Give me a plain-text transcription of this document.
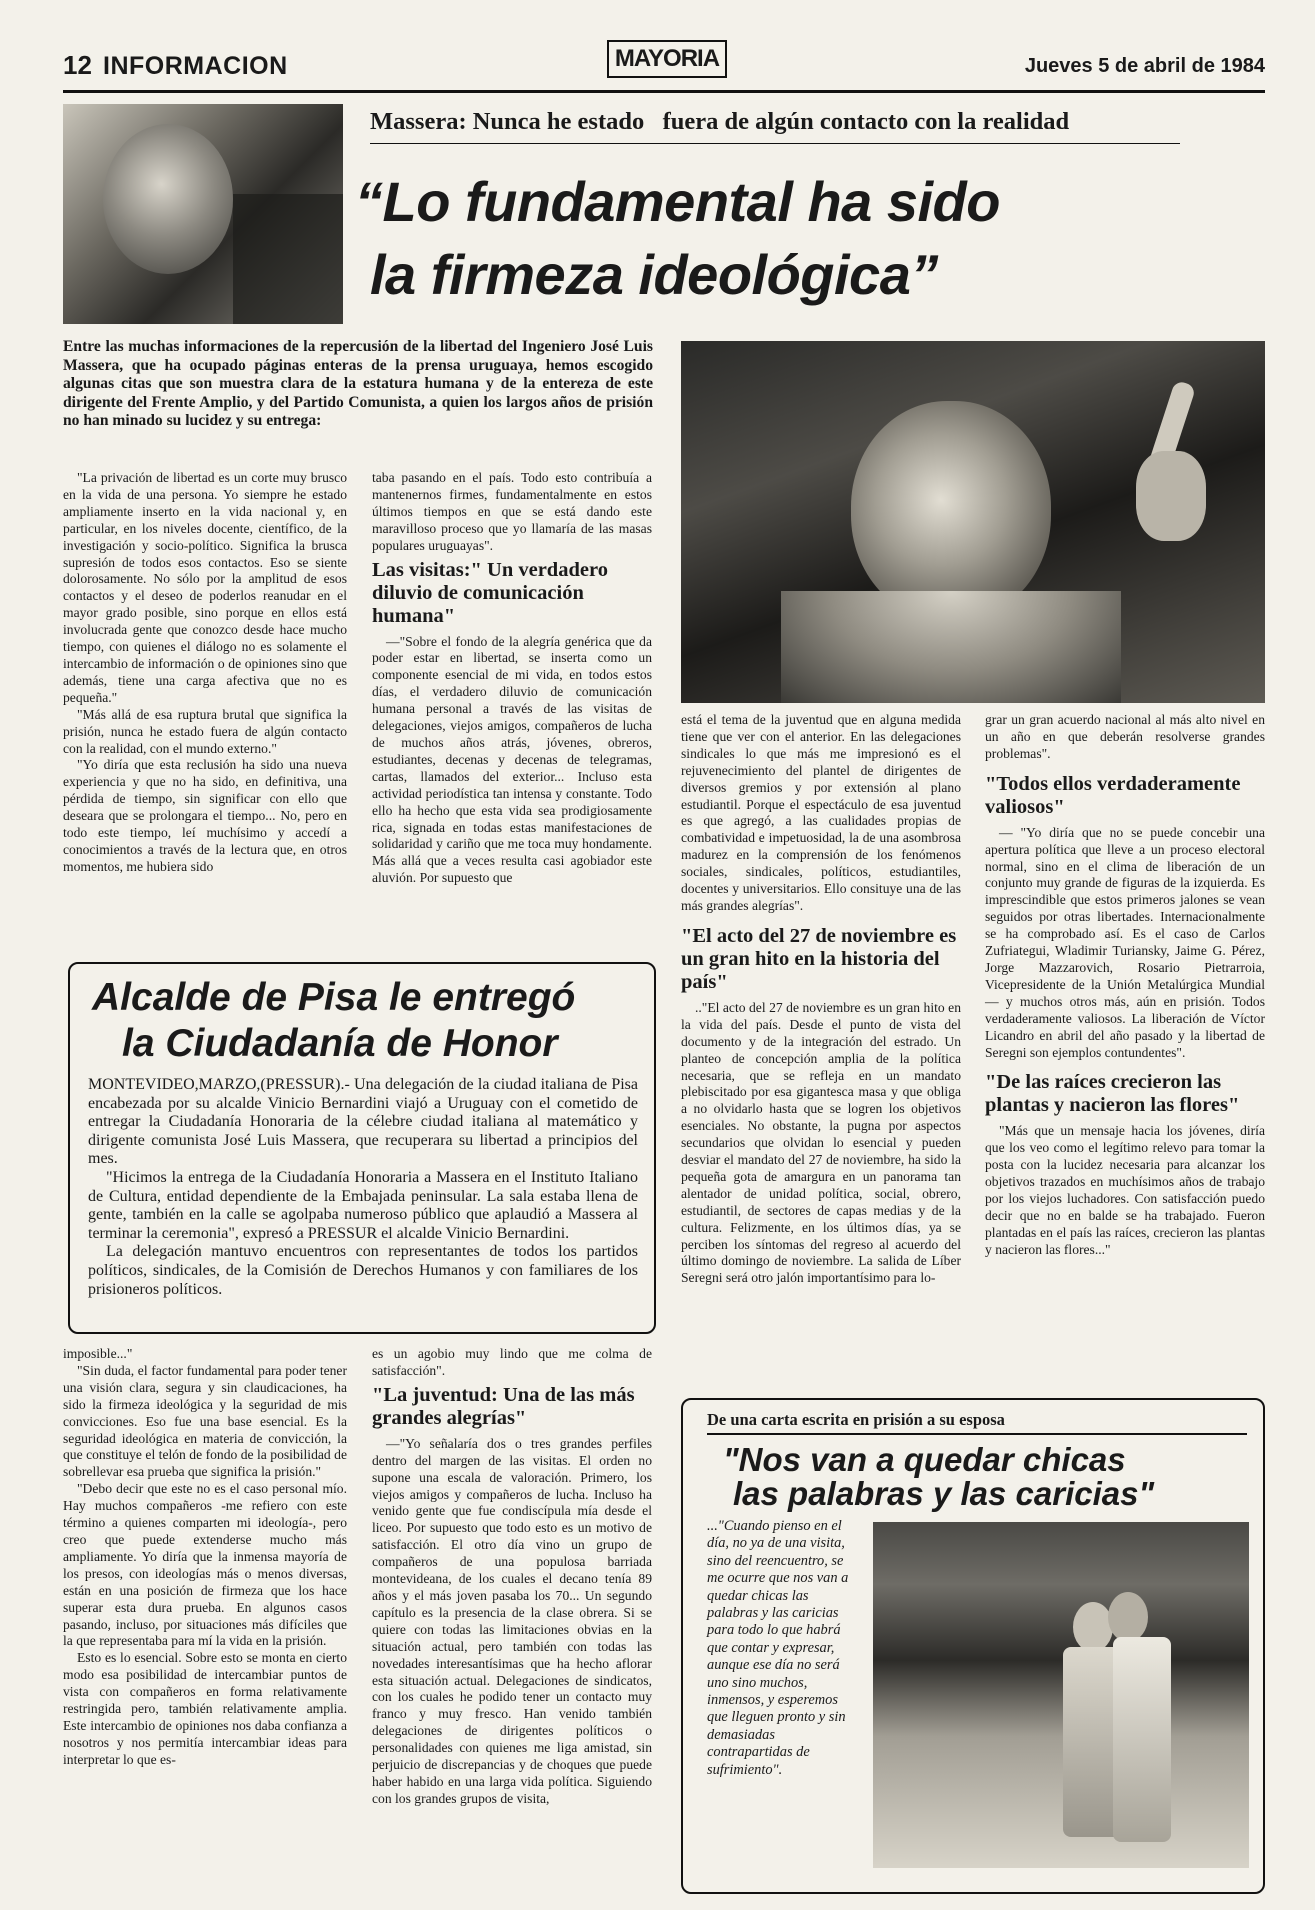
12 INFORMACION	MAYORIA	Jueves 5 de abril de 1984
Massera: Nunca he estado   fuera de algún contacto con la realidad
“Lo fundamental ha sido
la firmeza ideológica”
Entre las muchas informaciones de la repercusión de la libertad del Ingeniero José Luis Massera, que ha ocupado páginas enteras de la prensa uruguaya, hemos escogido algunas citas que son muestra clara de la estatura humana y de la entereza de este dirigente del Frente Amplio, y del Partido Comunista, a quien los largos años de prisión no han minado su lucidez y su entrega:

"La privación de libertad es un corte muy brusco en la vida de una persona. Yo siempre he estado ampliamente inserto en la vida nacional y, en particular, en los niveles docente, científico, de la investigación y socio-político. Significa la brusca supresión de todos esos contactos. Eso se siente dolorosamente. No sólo por la amplitud de esos contactos y el deseo de poderlos reanudar en el mayor grado posible, sino porque en ellos está involucrada gente que conozco desde hace mucho tiempo, con quienes el diálogo no es solamente el intercambio de información o de opiniones sino que además, tiene una carga afectiva que no es pequeña."

"Más allá de esa ruptura brutal que significa la prisión, nunca he estado fuera de algún contacto con la realidad, con el mundo externo."

"Yo diría que esta reclusión ha sido una nueva experiencia y que no ha sido, en definitiva, una pérdida de tiempo, sin significar con ello que deseara que se prolongara el tiempo... No, pero en todo este tiempo, leí muchísimo y accedí a conocimientos a través de la lectura que, en otros momentos, me hubiera sido

taba pasando en el país. Todo esto contribuía a mantenernos firmes, fundamentalmente en estos últimos tiempos en que se está dando este maravilloso proceso que yo llamaría de las masas populares uruguayas".

Las visitas:" Un verdadero diluvio de comunicación humana"

—"Sobre el fondo de la alegría genérica que da poder estar en libertad, se inserta como un componente esencial de mi vida, en todos estos días, el verdadero diluvio de comunicación humana personal a través de las visitas de delegaciones, viejos amigos, compañeros de lucha de muchos años atrás, jóvenes, obreros, estudiantes, decenas y decenas de telegramas, cartas, llamados del exterior... Incluso esta actividad periodística tan intensa y constante. Todo ello ha hecho que esta vida sea prodigiosamente rica, signada en todas estas manifestaciones de solidaridad y cariño que me toca muy hondamente. Más allá que a veces resulta casi agobiador este aluvión. Por supuesto que

está el tema de la juventud que en alguna medida tiene que ver con el anterior. En las delegaciones sindicales lo que más me impresionó es el rejuvenecimiento del plantel de dirigentes de diversos gremios y por extensión al plano estudiantil. Porque el espectáculo de esa juventud es que agregó, a las cualidades propias de combatividad e impetuosidad, la de una asombrosa madurez en la comprensión de los fenómenos sociales, sindicales, políticos, estudiantiles, docentes y universitarios. Ello consituye una de las más grandes alegrías".

"El acto del 27 de noviembre es un gran hito en la historia del país"

.."El acto del 27 de noviembre es un gran hito en la vida del país. Desde el punto de vista del documento y de la integración del estrado. Un planteo de concepción amplia de la política necesaria, que se refleja en un mandato plebiscitado por esa gigantesca masa y que obliga a no olvidarlo hasta que se logren los objetivos esenciales. No obstante, la pugna por aspectos secundarios que olvidan lo esencial y pueden desviar el mandato del 27 de noviembre, ha sido la pequeña gota de amargura en un panorama tan alentador de unidad política, social, obrero, estudiantil, de sectores de capas medias y de la cultura. Felizmente, en los últimos días, ya se perciben los síntomas del regreso al acuerdo del último domingo de noviembre. La salida de Líber Seregni será otro jalón importantísimo para lo-

grar un gran acuerdo nacional al más alto nivel en un año en que deberán resolverse grandes problemas".

"Todos ellos verdaderamente valiosos"

— "Yo diría que no se puede concebir una apertura política que lleve a un proceso electoral normal, sino en el clima de liberación de un conjunto muy grande de figuras de la izquierda. Es imprescindible que estos primeros jalones se vean seguidos por otras libertades. Internacionalmente se ha comprobado así. Es el caso de Carlos Zufriategui, Wladimir Turiansky, Jaime G. Pérez, Jorge Mazzarovich, Rosario Pietrarroia, Vicepresidente de la Unión Metalúrgica Mundial — y muchos otros más, aún en prisión. Todos verdaderamente valiosos. La liberación de Víctor Licandro en abril del año pasado y la libertad de Seregni son ejemplos contundentes".

"De las raíces crecieron las plantas y nacieron las flores"

"Más que un mensaje hacia los jóvenes, diría que los veo como el legítimo relevo para tomar la posta con la lucidez necesaria para alcanzar los objetivos trazados en muchísimos años de trabajo por los viejos luchadores. Con satisfacción puedo decir que no en balde se ha trabajado. Fueron plantadas en el país las raíces, crecieron las plantas y nacieron las flores..."

Alcalde de Pisa le entregó
la Ciudadanía de Honor

MONTEVIDEO,MARZO,(PRESSUR).- Una delegación de la ciudad italiana de Pisa encabezada por su alcalde Vinicio Bernardini viajó a Uruguay con el cometido de entregar la Ciudadanía Honoraria de la célebre ciudad italiana al matemático y dirigente comunista José Luis Massera, que recuperara su libertad a principios del mes.

"Hicimos la entrega de la Ciudadanía Honoraria a Massera en el Instituto Italiano de Cultura, entidad dependiente de la Embajada peninsular. La sala estaba llena de gente, también en la calle se agolpaba numeroso público que aplaudió a Massera al terminar la ceremonia", expresó a PRESSUR el alcalde Vinicio Bernardini.

La delegación mantuvo encuentros con representantes de todos los partidos políticos, sindicales, de la Comisión de Derechos Humanos y con familiares de los prisioneros políticos.

imposible..."

"Sin duda, el factor fundamental para poder tener una visión clara, segura y sin claudicaciones, ha sido la firmeza ideológica y la seguridad de mis convicciones. Eso fue una base esencial. Es la seguridad ideológica en materia de convicción, la que constituye el telón de fondo de la posibilidad de sobrellevar esa prueba que significa la prisión."

"Debo decir que este no es el caso personal mío. Hay muchos compañeros -me refiero con este término a quienes comparten mi ideología-, pero creo que puede extenderse mucho más ampliamente. Yo diría que la inmensa mayoría de los presos, con ideologías más o menos diversas, están en una posición de firmeza que los hace superar esta dura prueba. En algunos casos pasando, incluso, por situaciones más difíciles que la que representaba para mí la vida en la prisión.

Esto es lo esencial. Sobre esto se monta en cierto modo esa posibilidad de intercambiar puntos de vista con compañeros en forma relativamente restringida pero, también relativamente amplia. Este intercambio de opiniones nos daba confianza a nosotros y nos permitía intercambiar ideas para interpretar lo que es-

es un agobio muy lindo que me colma de satisfacción".

"La juventud: Una de las más grandes alegrías"

—"Yo señalaría dos o tres grandes perfiles dentro del margen de las visitas. El orden no supone una escala de valoración. Primero, los viejos amigos y compañeros de lucha. Incluso ha venido gente que fue condiscípula mía desde el liceo. Por supuesto que todo esto es un motivo de satisfacción. El otro día vino un grupo de compañeros de una populosa barriada montevideana, de los cuales el decano tenía 89 años y el más joven pasaba los 70... Un segundo capítulo es la presencia de la clase obrera. Si se quiere con todas las limitaciones obvias en la situación actual, pero también con todas las novedades interesantísimas que ha hecho aflorar esta situación actual. Delegaciones de sindicatos, con los cuales he podido tener un contacto muy franco y muy fresco. Han venido también delegaciones de dirigentes políticos o personalidades con quienes me liga amistad, sin perjuicio de discrepancias y de choques que puede haber habido en una larga vida política. Siguiendo con los grandes grupos de visita,

De una carta escrita en prisión a su esposa
"Nos van a quedar chicas
las palabras y las caricias"
..."Cuando pienso en el día, no ya de una visita, sino del reencuentro, se me ocurre que nos van a quedar chicas las palabras y las caricias para todo lo que habrá que contar y expresar, aunque ese día no será uno sino muchos, inmensos, y esperemos que lleguen pronto y sin demasiadas contrapartidas de sufrimiento".
